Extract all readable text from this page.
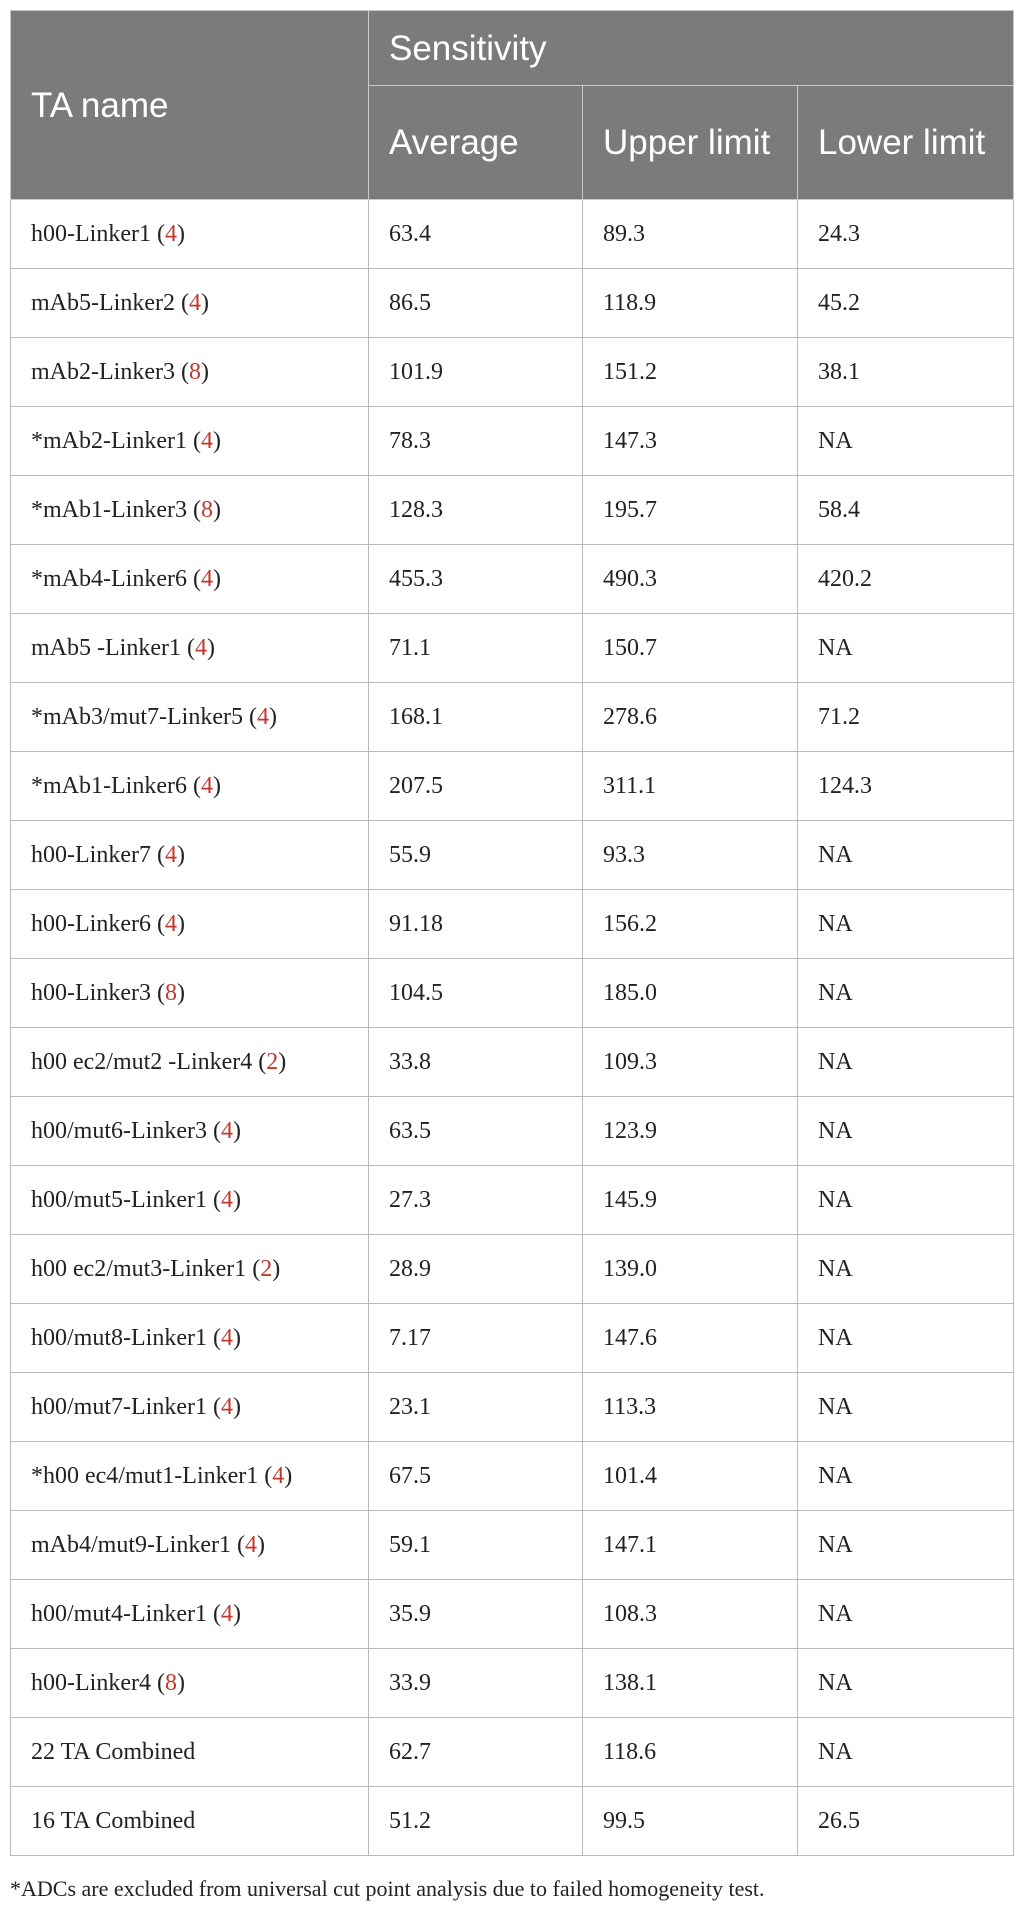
TA name	Sensitivity		
	Average	Upper limit	Lower limit
h00-Linker1 (4)	63.4	89.3	24.3
mAb5-Linker2 (4)	86.5	118.9	45.2
mAb2-Linker3 (8)	101.9	151.2	38.1
*mAb2-Linker1 (4)	78.3	147.3	NA
*mAb1-Linker3 (8)	128.3	195.7	58.4
*mAb4-Linker6 (4)	455.3	490.3	420.2
mAb5 -Linker1 (4)	71.1	150.7	NA
*mAb3/mut7-Linker5 (4)	168.1	278.6	71.2
*mAb1-Linker6 (4)	207.5	311.1	124.3
h00-Linker7 (4)	55.9	93.3	NA
h00-Linker6 (4)	91.18	156.2	NA
h00-Linker3 (8)	104.5	185.0	NA
h00 ec2/mut2 -Linker4 (2)	33.8	109.3	NA
h00/mut6-Linker3 (4)	63.5	123.9	NA
h00/mut5-Linker1 (4)	27.3	145.9	NA
h00 ec2/mut3-Linker1 (2)	28.9	139.0	NA
h00/mut8-Linker1 (4)	7.17	147.6	NA
h00/mut7-Linker1 (4)	23.1	113.3	NA
*h00 ec4/mut1-Linker1 (4)	67.5	101.4	NA
mAb4/mut9-Linker1 (4)	59.1	147.1	NA
h00/mut4-Linker1 (4)	35.9	108.3	NA
h00-Linker4 (8)	33.9	138.1	NA
22 TA Combined	62.7	118.6	NA
16 TA Combined	51.2	99.5	26.5
*ADCs are excluded from universal cut point analysis due to failed homogeneity test.
